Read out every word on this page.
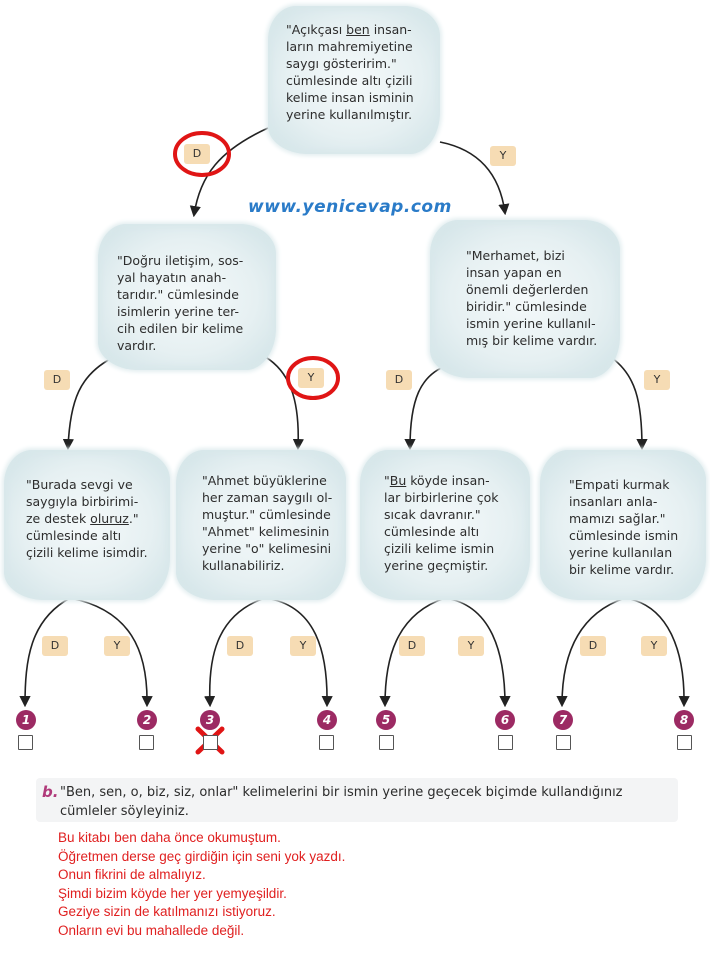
"Açıkçası ben insan-
ların mahremiyetine
saygı gösteririm."
cümlesinde altı çizili
kelime insan isminin
yerine kullanılmıştır.
"Doğru iletişim, sos-
yal hayatın anah-
tarıdır." cümlesinde
isimlerin yerine ter-
cih edilen bir kelime
vardır.
"Merhamet, bizi
insan yapan en
önemli değerlerden
biridir." cümlesinde
ismin yerine kullanıl-
mış bir kelime vardır.
"Burada sevgi ve
saygıyla birbirimi-
ze destek oluruz."
cümlesinde altı
çizili kelime isimdir.
"Ahmet büyüklerine
her zaman saygılı ol-
muştur." cümlesinde
"Ahmet" kelimesinin
yerine "o" kelimesini
kullanabiliriz.
"Bu köyde insan-
lar birbirlerine çok
sıcak davranır."
cümlesinde altı
çizili kelime ismin
yerine geçmiştir.
"Empati kurmak
insanları anla-
mamızı sağlar."
cümlesinde ismin
yerine kullanılan
bir kelime vardır.
D	Y
D	Y	D	Y
D	Y	D	Y	D	Y	D	Y
www.yenicevap.com
1	2	3	4	5	6	7	8
b. "Ben, sen, o, biz, siz, onlar" kelimelerini bir ismin yerine geçecek biçimde kullandığınız cümleler söyleyiniz.
Bu kitabı ben daha önce okumuştum.
Öğretmen derse geç girdiğin için seni yok yazdı.
Onun fikrini de almalıyız.
Şimdi bizim köyde her yer yemyeşildir.
Geziye sizin de katılmanızı istiyoruz.
Onların evi bu mahallede değil.
